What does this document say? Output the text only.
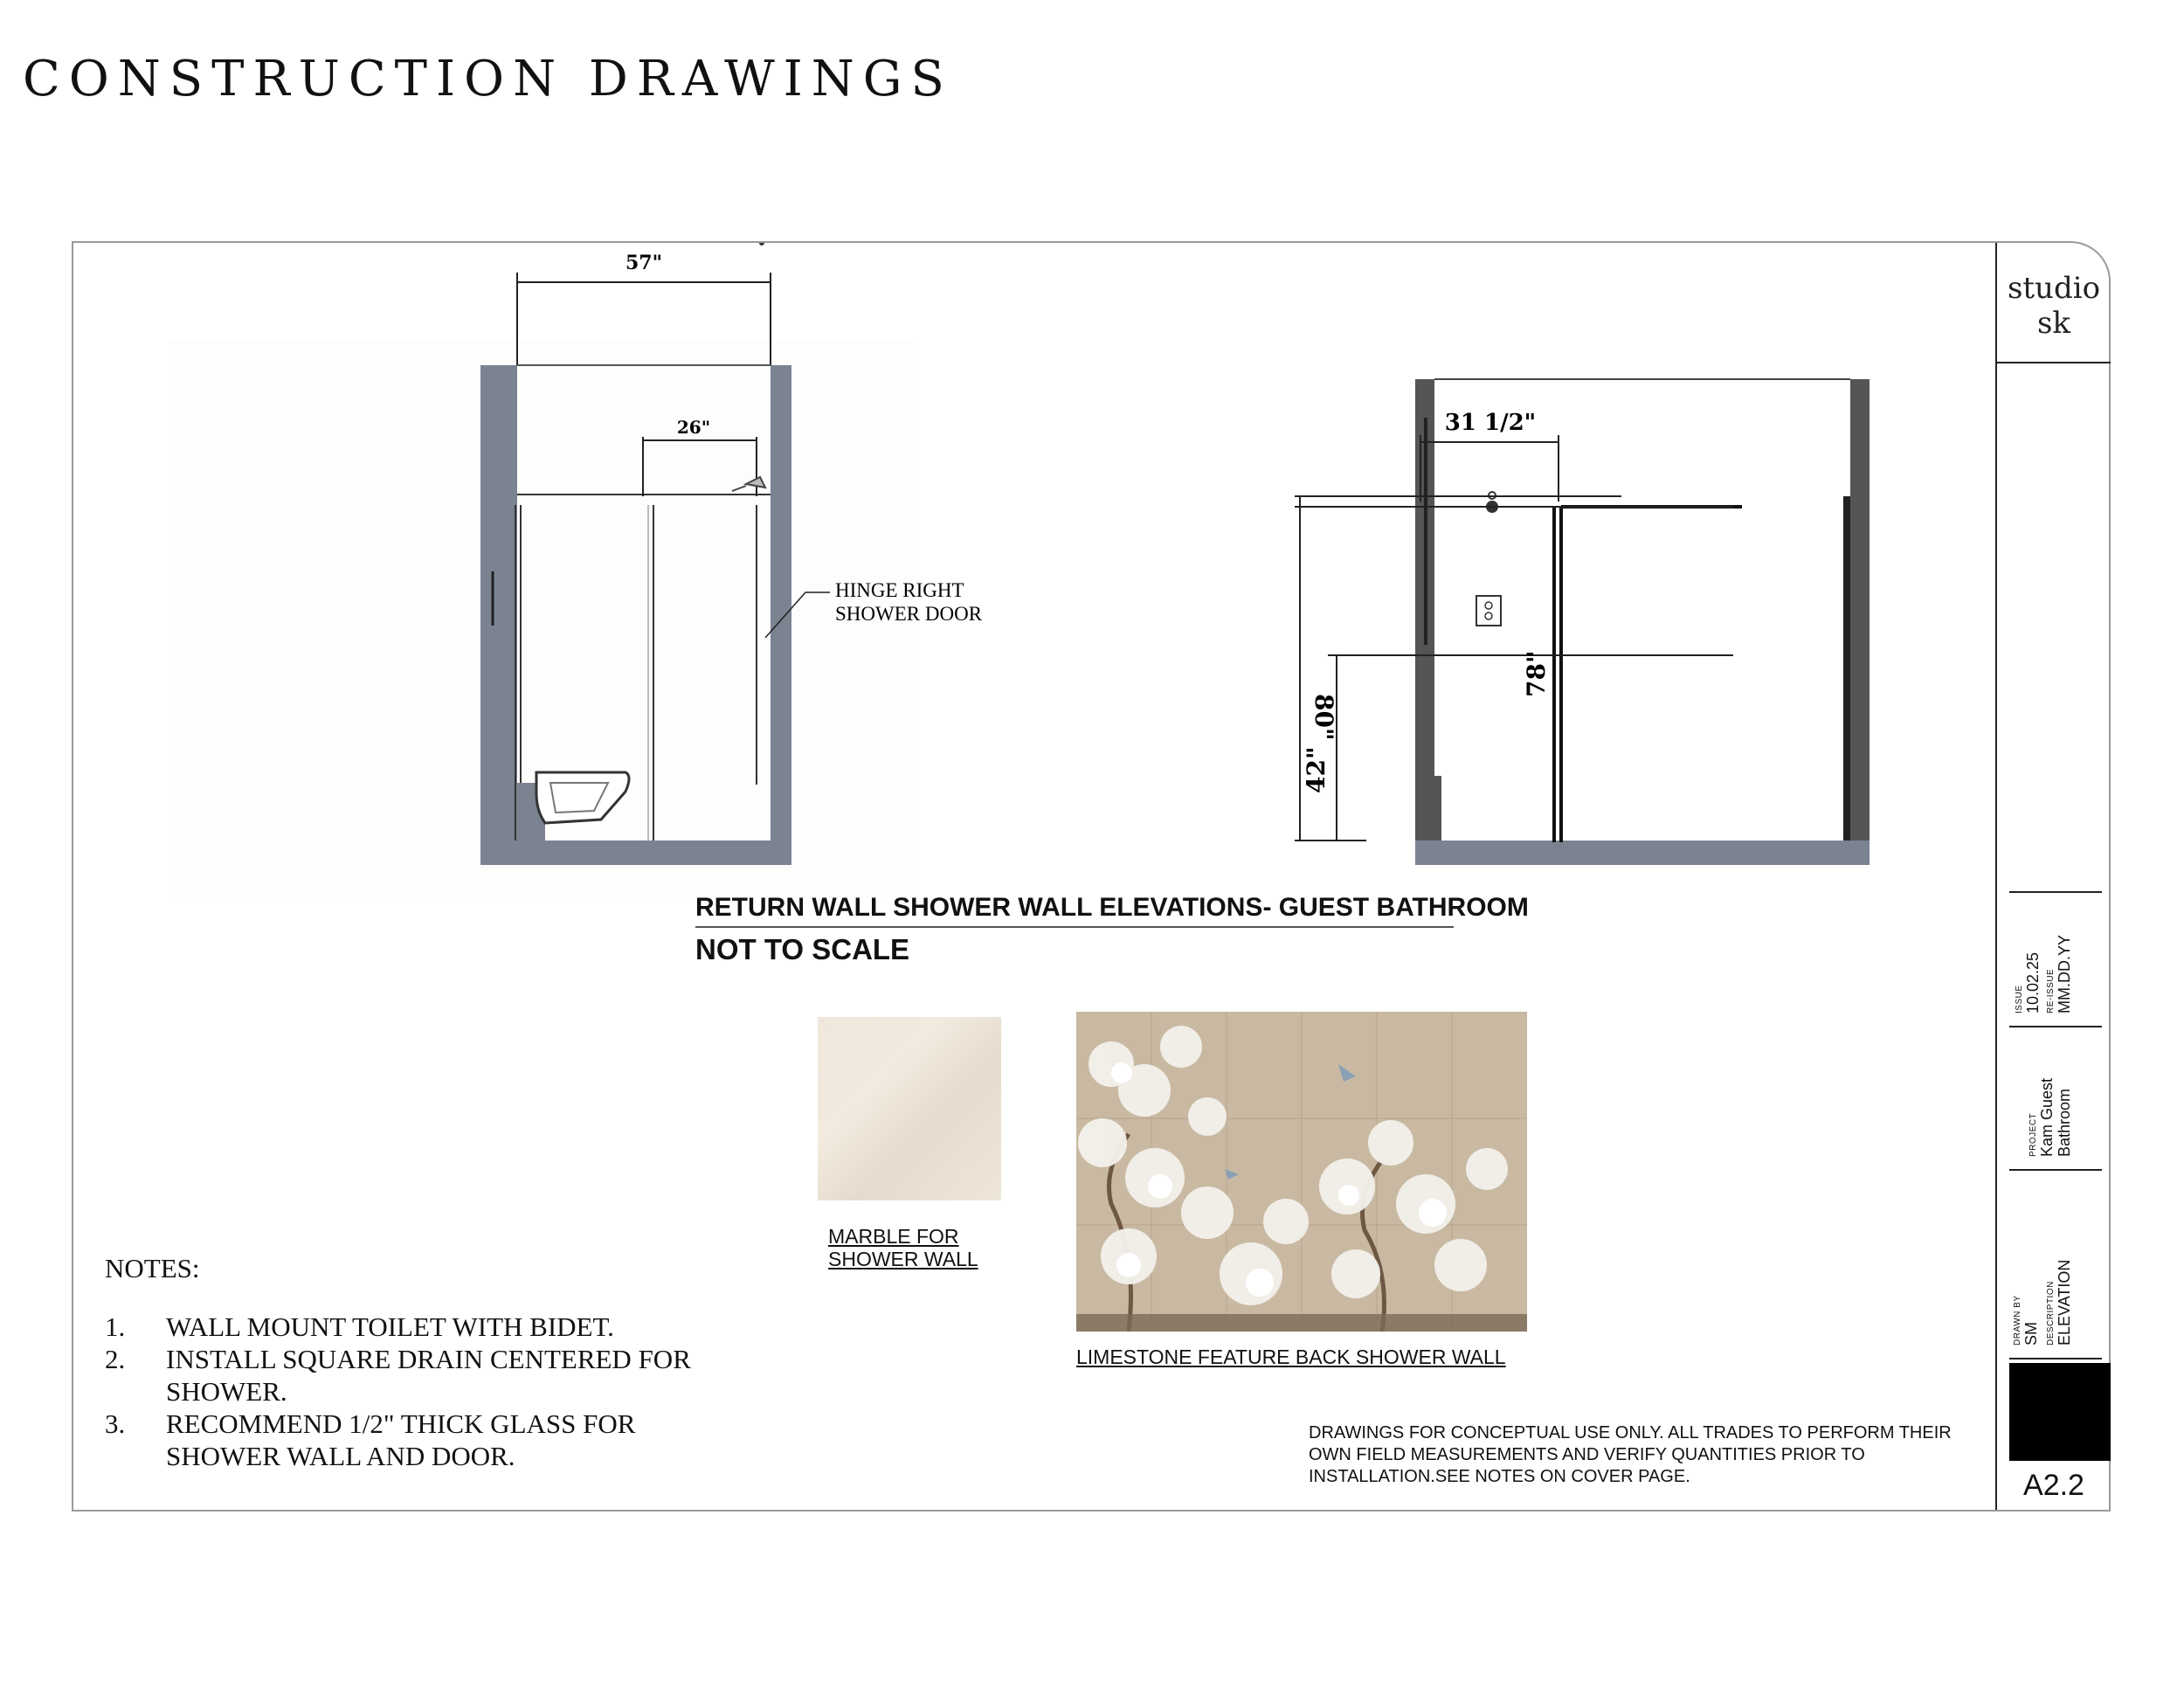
CONSTRUCTION DRAWINGS
57"
26"
HINGE RIGHT
SHOWER DOOR
31 1/2"
80"
42"
78"
RETURN WALL SHOWER WALL ELEVATIONS- GUEST BATHROOM
NOT TO SCALE
MARBLE FOR
SHOWER WALL
LIMESTONE FEATURE BACK SHOWER WALL
NOTES:
1. WALL MOUNT TOILET WITH BIDET.
2. INSTALL SQUARE DRAIN CENTERED FOR SHOWER.
3. RECOMMEND 1/2" THICK GLASS FOR SHOWER WALL AND DOOR.
DRAWINGS FOR CONCEPTUAL USE ONLY. ALL TRADES TO PERFORM THEIR OWN FIELD MEASUREMENTS AND VERIFY QUANTITIES PRIOR TO INSTALLATION.SEE NOTES ON COVER PAGE.
studio
sk
ISSUE 10.02.25 RE-ISSUE MM.DD.YY
PROJECT Kam Guest Bathroom
DRAWN BY SM DESCRIPTION ELEVATION
A2.2
